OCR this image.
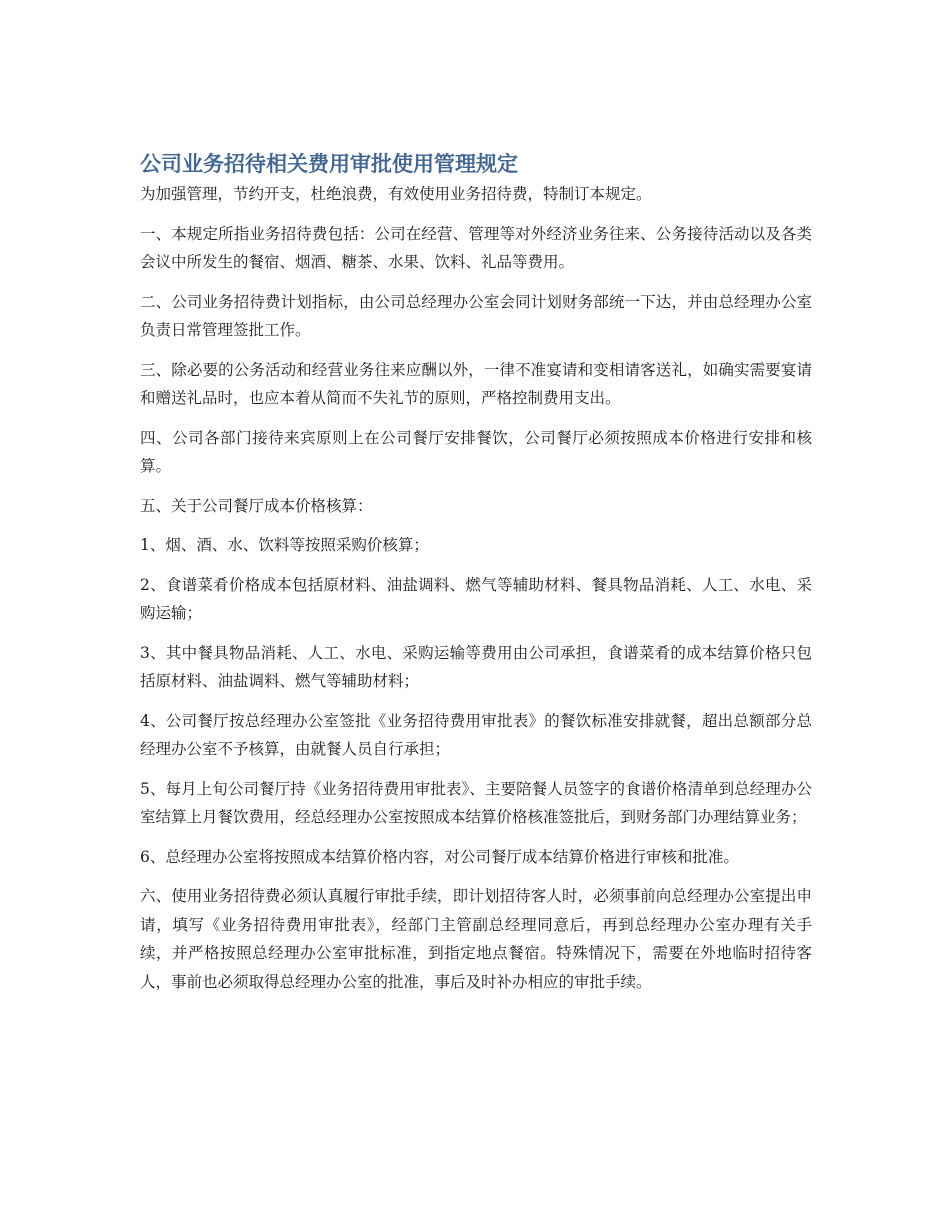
公司业务招待相关费用审批使用管理规定

为加强管理，节约开支，杜绝浪费，有效使用业务招待费，特制订本规定。

一、本规定所指业务招待费包括：公司在经营、管理等对外经济业务往来、公务接待活动以及各类会议中所发生的餐宿、烟酒、糖茶、水果、饮料、礼品等费用。

二、公司业务招待费计划指标，由公司总经理办公室会同计划财务部统一下达，并由总经理办公室负责日常管理签批工作。

三、除必要的公务活动和经营业务往来应酬以外，一律不准宴请和变相请客送礼，如确实需要宴请和赠送礼品时，也应本着从简而不失礼节的原则，严格控制费用支出。

四、公司各部门接待来宾原则上在公司餐厅安排餐饮，公司餐厅必须按照成本价格进行安排和核算。

五、关于公司餐厅成本价格核算：

1、烟、酒、水、饮料等按照采购价核算；

2、食谱菜肴价格成本包括原材料、油盐调料、燃气等辅助材料、餐具物品消耗、人工、水电、采购运输；

3、其中餐具物品消耗、人工、水电、采购运输等费用由公司承担，食谱菜肴的成本结算价格只包括原材料、油盐调料、燃气等辅助材料；

4、公司餐厅按总经理办公室签批《业务招待费用审批表》的餐饮标准安排就餐，超出总额部分总经理办公室不予核算，由就餐人员自行承担；

5、每月上旬公司餐厅持《业务招待费用审批表》、主要陪餐人员签字的食谱价格清单到总经理办公室结算上月餐饮费用，经总经理办公室按照成本结算价格核准签批后，到财务部门办理结算业务；

6、总经理办公室将按照成本结算价格内容，对公司餐厅成本结算价格进行审核和批准。

六、使用业务招待费必须认真履行审批手续，即计划招待客人时，必须事前向总经理办公室提出申请，填写《业务招待费用审批表》，经部门主管副总经理同意后，再到总经理办公室办理有关手续，并严格按照总经理办公室审批标准，到指定地点餐宿。特殊情况下，需要在外地临时招待客人，事前也必须取得总经理办公室的批准，事后及时补办相应的审批手续。
